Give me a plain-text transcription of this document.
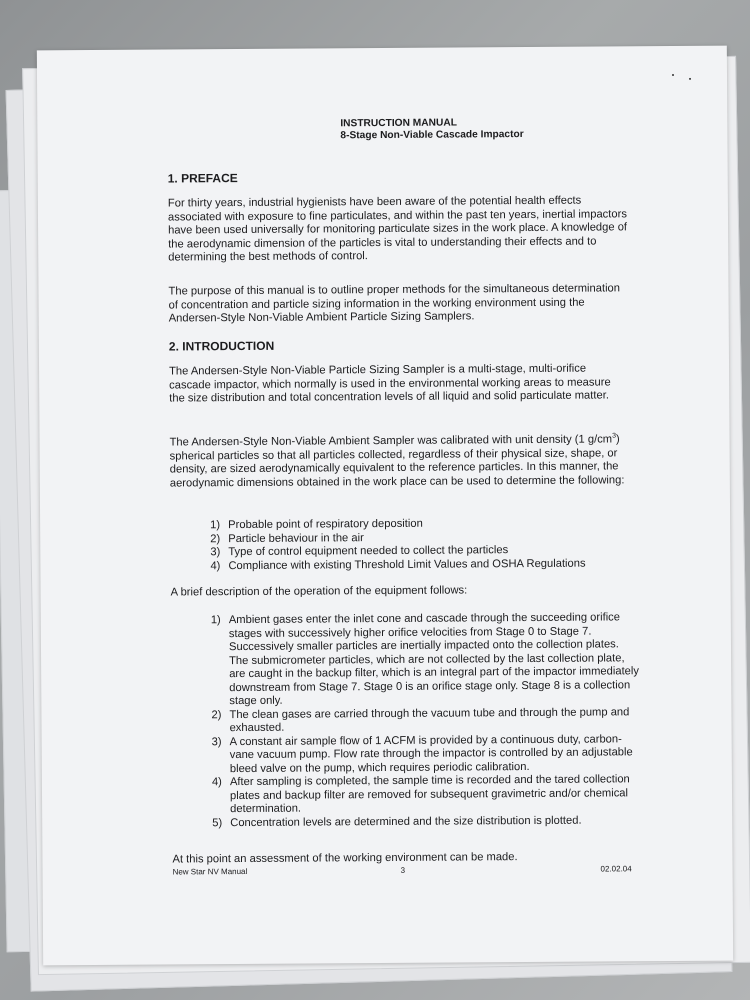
INSTRUCTION MANUAL
8-Stage Non-Viable Cascade Impactor
1. PREFACE

For thirty years, industrial hygienists have been aware of the potential health effects associated with exposure to fine particulates, and within the past ten years, inertial impactors have been used universally for monitoring particulate sizes in the work place. A knowledge of the aerodynamic dimension of the particles is vital to understanding their effects and to determining the best methods of control.

The purpose of this manual is to outline proper methods for the simultaneous determination of concentration and particle sizing information in the working environment using the Andersen-Style Non-Viable Ambient Particle Sizing Samplers.

2. INTRODUCTION

The Andersen-Style Non-Viable Particle Sizing Sampler is a multi-stage, multi-orifice cascade impactor, which normally is used in the environmental working areas to measure the size distribution and total concentration levels of all liquid and solid particulate matter.

The Andersen-Style Non-Viable Ambient Sampler was calibrated with unit density (1 $g/cm^3$) spherical particles so that all particles collected, regardless of their physical size, shape, or density, are sized aerodynamically equivalent to the reference particles. In this manner, the aerodynamic dimensions obtained in the work place can be used to determine the following:

1) Probable point of respiratory deposition
2) Particle behaviour in the air
3) Type of control equipment needed to collect the particles
4) Compliance with existing Threshold Limit Values and OSHA Regulations

A brief description of the operation of the equipment follows:

1) Ambient gases enter the inlet cone and cascade through the succeeding orifice stages with successively higher orifice velocities from Stage 0 to Stage 7. Successively smaller particles are inertially impacted onto the collection plates. The submicrometer particles, which are not collected by the last collection plate, are caught in the backup filter, which is an integral part of the impactor immediately downstream from Stage 7. Stage 0 is an orifice stage only. Stage 8 is a collection stage only.
2) The clean gases are carried through the vacuum tube and through the pump and exhausted.
3) A constant air sample flow of 1 ACFM is provided by a continuous duty, carbon-vane vacuum pump. Flow rate through the impactor is controlled by an adjustable bleed valve on the pump, which requires periodic calibration.
4) After sampling is completed, the sample time is recorded and the tared collection plates and backup filter are removed for subsequent gravimetric and/or chemical determination.
5) Concentration levels are determined and the size distribution is plotted.

At this point an assessment of the working environment can be made.

New Star NV Manual	3	02.02.04
